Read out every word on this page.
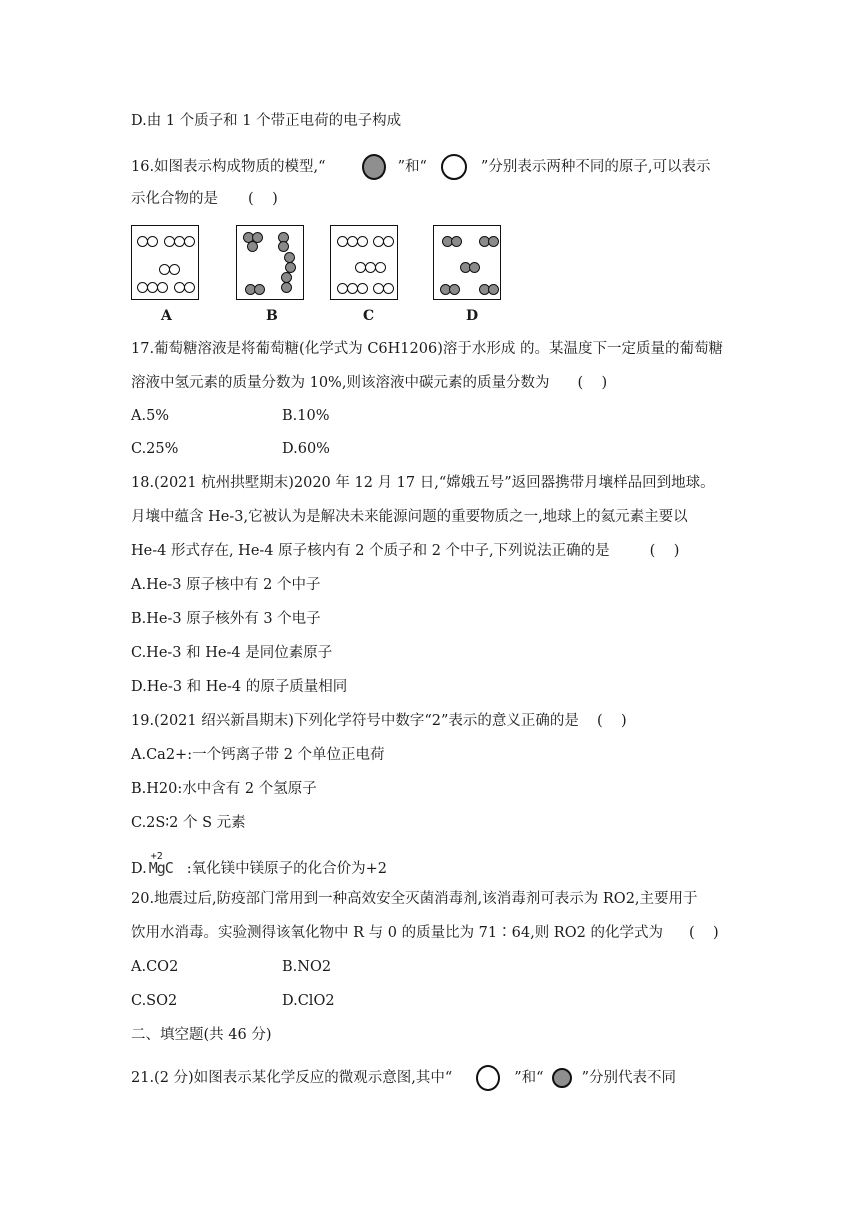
D.由 1 个质子和 1 个带正电荷的电子构成
16.如图表示构成物质的模型,“	”和“	”分别表示两种不同的原子,可以表示
示化合物的是 (    )
A	B	C	D
17.葡萄糖溶液是将葡萄糖(化学式为 C6H1206)溶于水形成 的。某温度下一定质量的葡萄糖
溶液中氢元素的质量分数为 10%,则该溶液中碳元素的质量分数为 (    )
A.5%	B.10%
C.25%	D.60%
18.(2021 杭州拱墅期末)2020 年 12 月 17 日,“嫦娥五号”返回器携带月壤样品回到地球。
月壤中蕴含 He-3,它被认为是解决未来能源问题的重要物质之一,地球上的氦元素主要以
He-4 形式存在, He-4 原子核内有 2 个质子和 2 个中子,下列说法正确的是	(    )
A.He-3 原子核中有 2 个中子
B.He-3 原子核外有 3 个电子
C.He-3 和 He-4 是同位素原子
D.He-3 和 He-4 的原子质量相同
19.(2021 绍兴新昌期末)下列化学符号中数字“2”表示的意义正确的是 (    )
A.Ca2+:一个钙离子带 2 个单位正电荷
B.H20:水中含有 2 个氢原子
C.2S∶2 个 S 元素
D.
+2
MgC :氧化镁中镁原子的化合价为+2
20.地震过后,防疫部门常用到一种高效安全灭菌消毒剂,该消毒剂可表示为 RO2,主要用于
饮用水消毒。实验测得该氧化物中 R 与 0 的质量比为 71∶64,则 RO2 的化学式为 (    )
A.CO2	B.NO2
C.SO2	D.ClO2
二、填空题(共 46 分)
21.(2 分)如图表示某化学反应的微观示意图,其中“	”和“	”分别代表不同
